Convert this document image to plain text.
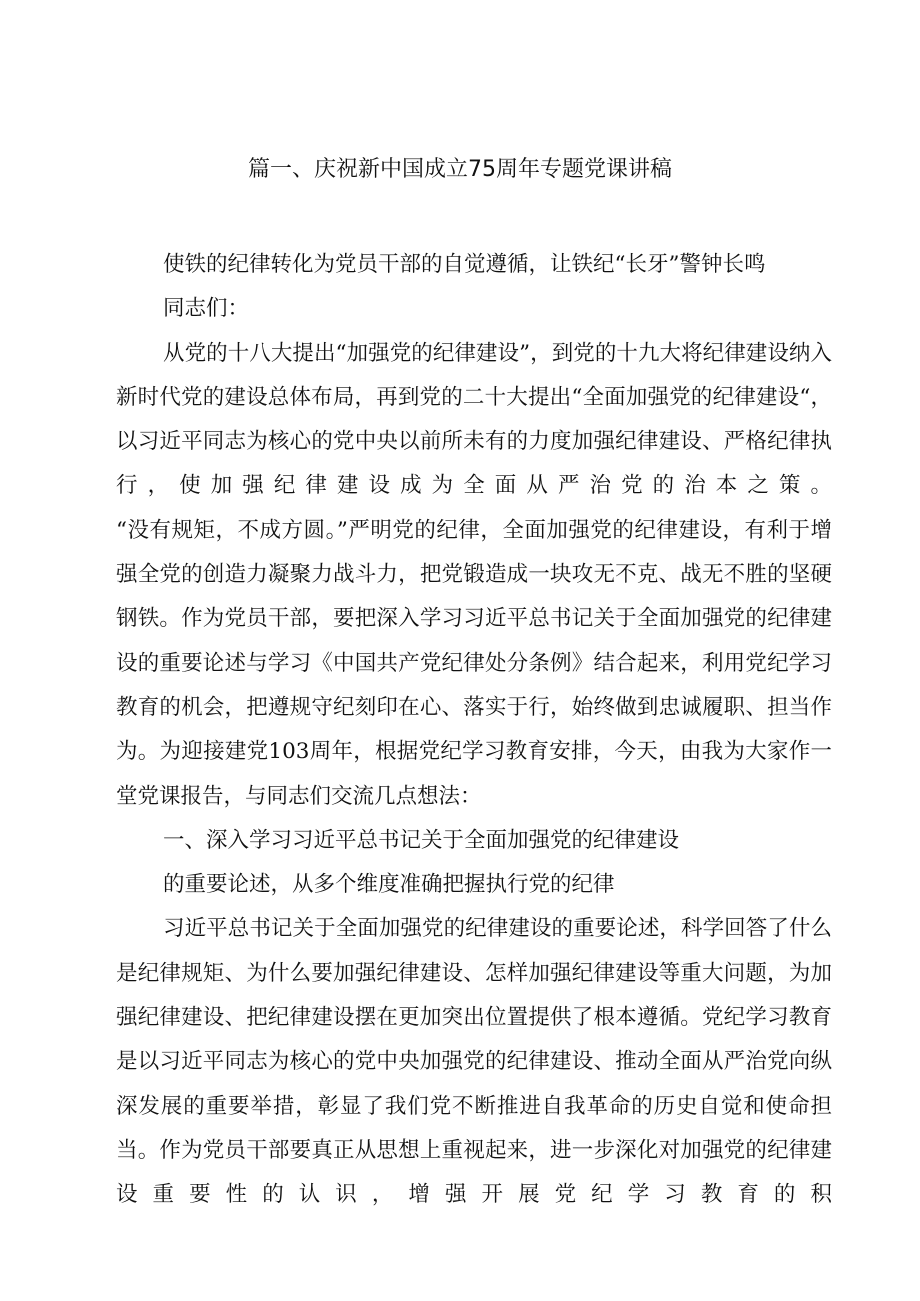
篇一、庆祝新中国成立75周年专题党课讲稿

使铁的纪律转化为党员干部的自觉遵循，让铁纪“长牙”警钟长鸣

同志们：

从党的十八大提出“加强党的纪律建设”，到党的十九大将纪律建设纳入新时代党的建设总体布局，再到党的二十大提出“全面加强党的纪律建设“，以习近平同志为核心的党中央以前所未有的力度加强纪律建设、严格纪律执行，使加强纪律建设成为全面从严治党的治本之策。

“没有规矩，不成方圆。”严明党的纪律，全面加强党的纪律建设，有利于增强全党的创造力凝聚力战斗力，把党锻造成一块攻无不克、战无不胜的坚硬钢铁。作为党员干部，要把深入学习习近平总书记关于全面加强党的纪律建设的重要论述与学习《中国共产党纪律处分条例》结合起来，利用党纪学习教育的机会，把遵规守纪刻印在心、落实于行，始终做到忠诚履职、担当作为。为迎接建党103周年，根据党纪学习教育安排，今天，由我为大家作一堂党课报告，与同志们交流几点想法：

一、深入学习习近平总书记关于全面加强党的纪律建设

的重要论述，从多个维度准确把握执行党的纪律

习近平总书记关于全面加强党的纪律建设的重要论述，科学回答了什么是纪律规矩、为什么要加强纪律建设、怎样加强纪律建设等重大问题，为加强纪律建设、把纪律建设摆在更加突出位置提供了根本遵循。党纪学习教育是以习近平同志为核心的党中央加强党的纪律建设、推动全面从严治党向纵深发展的重要举措，彰显了我们党不断推进自我革命的历史自觉和使命担当。作为党员干部要真正从思想上重视起来，进一步深化对加强党的纪律建设重要性的认识，增强开展党纪学习教育的积
